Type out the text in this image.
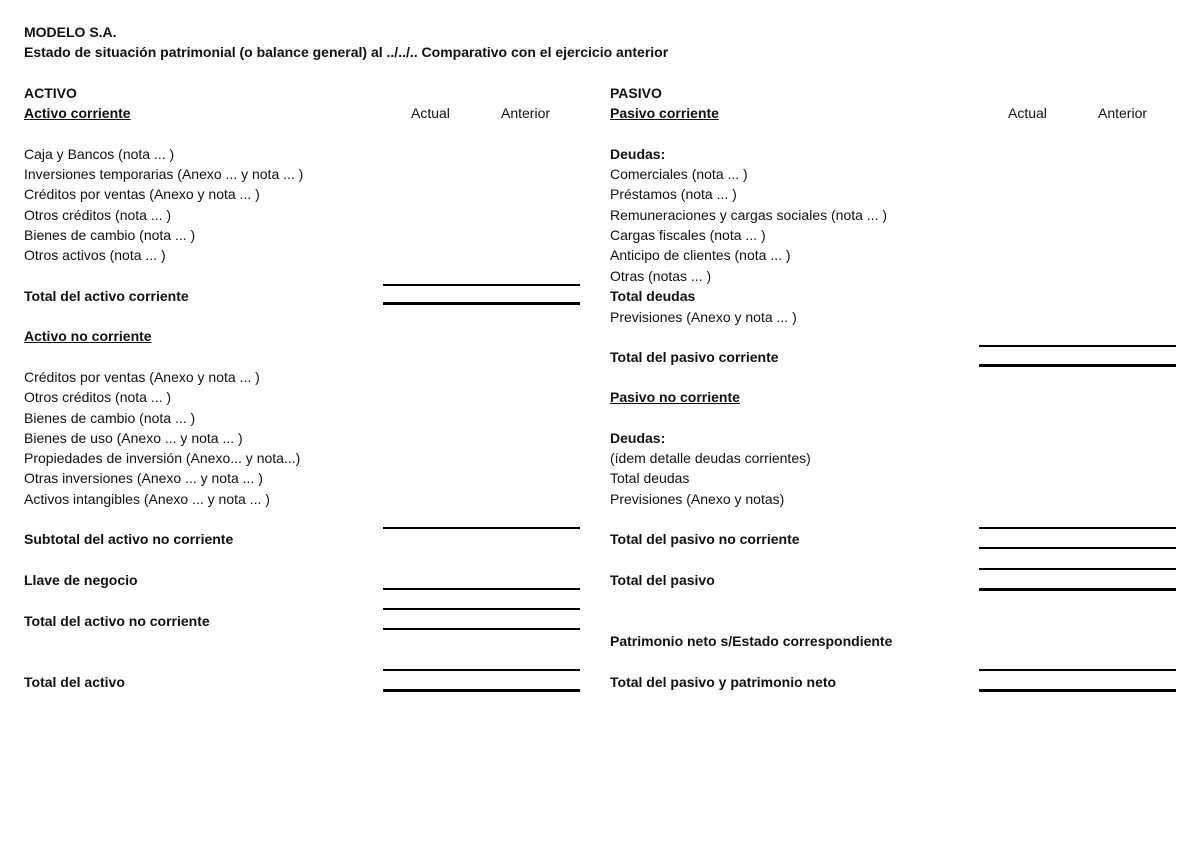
MODELO S.A.
Estado de situación patrimonial (o balance general) al ../../.. Comparativo con el ejercicio anterior
ACTIVO
Activo corriente	Actual	Anterior
Caja y Bancos (nota ... )
Inversiones temporarias (Anexo ... y nota ... )
Créditos por ventas (Anexo y nota ... )
Otros créditos (nota ... )
Bienes de cambio (nota ... )
Otros activos (nota ... )
Total del activo corriente
Activo no corriente
Créditos por ventas (Anexo y nota ... )
Otros créditos (nota ... )
Bienes de cambio (nota ... )
Bienes de uso (Anexo ... y nota ... )
Propiedades de inversión (Anexo... y nota...)
Otras inversiones (Anexo ... y nota ... )
Activos intangibles (Anexo ... y nota ... )
Subtotal del activo no corriente
Llave de negocio
Total del activo no corriente
Total del activo
PASIVO
Pasivo corriente	Actual	Anterior
Deudas:
Comerciales (nota ... )
Préstamos (nota ... )
Remuneraciones y cargas sociales (nota ... )
Cargas fiscales (nota ... )
Anticipo de clientes (nota ... )
Otras (notas ... )
Total deudas
Previsiones (Anexo y nota ... )
Total del pasivo corriente
Pasivo no corriente
Deudas:
(ídem detalle deudas corrientes)
Total deudas
Previsiones (Anexo y notas)
Total del pasivo no corriente
Total del pasivo
Patrimonio neto s/Estado correspondiente
Total del pasivo y patrimonio neto
